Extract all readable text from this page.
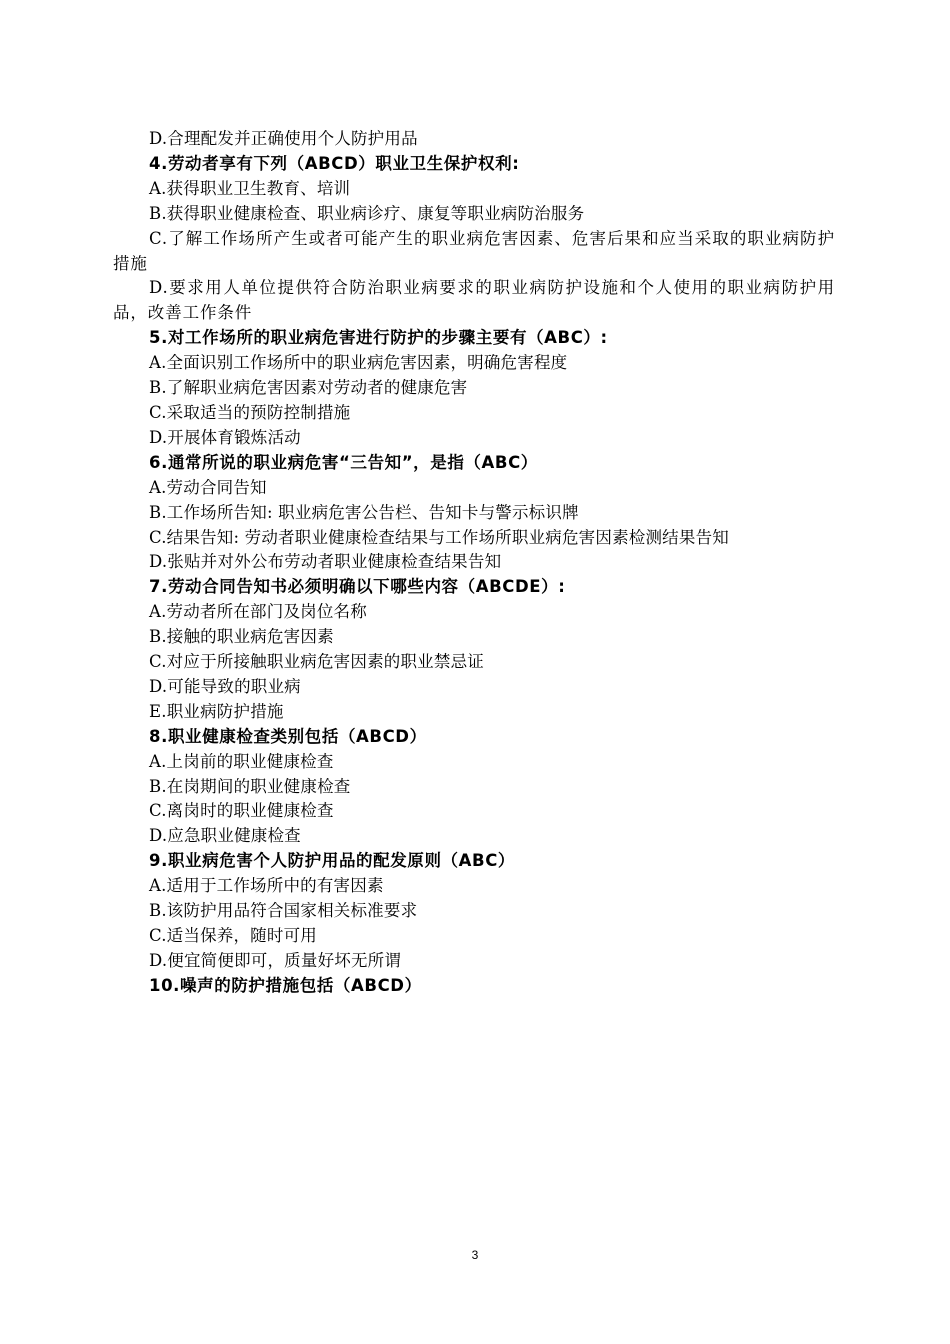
D.合理配发并正确使用个人防护用品
4.劳动者享有下列（ABCD）职业卫生保护权利:
A.获得职业卫生教育、培训
B.获得职业健康检查、职业病诊疗、康复等职业病防治服务
C.了解工作场所产生或者可能产生的职业病危害因素、危害后果和应当采取的职业病防护措施
D.要求用人单位提供符合防治职业病要求的职业病防护设施和个人使用的职业病防护用品，改善工作条件
5.对工作场所的职业病危害进行防护的步骤主要有（ABC）:
A.全面识别工作场所中的职业病危害因素，明确危害程度
B.了解职业病危害因素对劳动者的健康危害
C.采取适当的预防控制措施
D.开展体育锻炼活动
6.通常所说的职业病危害“三告知”，是指（ABC）
A.劳动合同告知
B.工作场所告知: 职业病危害公告栏、告知卡与警示标识牌
C.结果告知: 劳动者职业健康检查结果与工作场所职业病危害因素检测结果告知
D.张贴并对外公布劳动者职业健康检查结果告知
7.劳动合同告知书必须明确以下哪些内容（ABCDE）:
A.劳动者所在部门及岗位名称
B.接触的职业病危害因素
C.对应于所接触职业病危害因素的职业禁忌证
D.可能导致的职业病
E.职业病防护措施
8.职业健康检查类别包括（ABCD）
A.上岗前的职业健康检查
B.在岗期间的职业健康检查
C.离岗时的职业健康检查
D.应急职业健康检查
9.职业病危害个人防护用品的配发原则（ABC）
A.适用于工作场所中的有害因素
B.该防护用品符合国家相关标准要求
C.适当保养，随时可用
D.便宜简便即可，质量好坏无所谓
10.噪声的防护措施包括（ABCD）
3
